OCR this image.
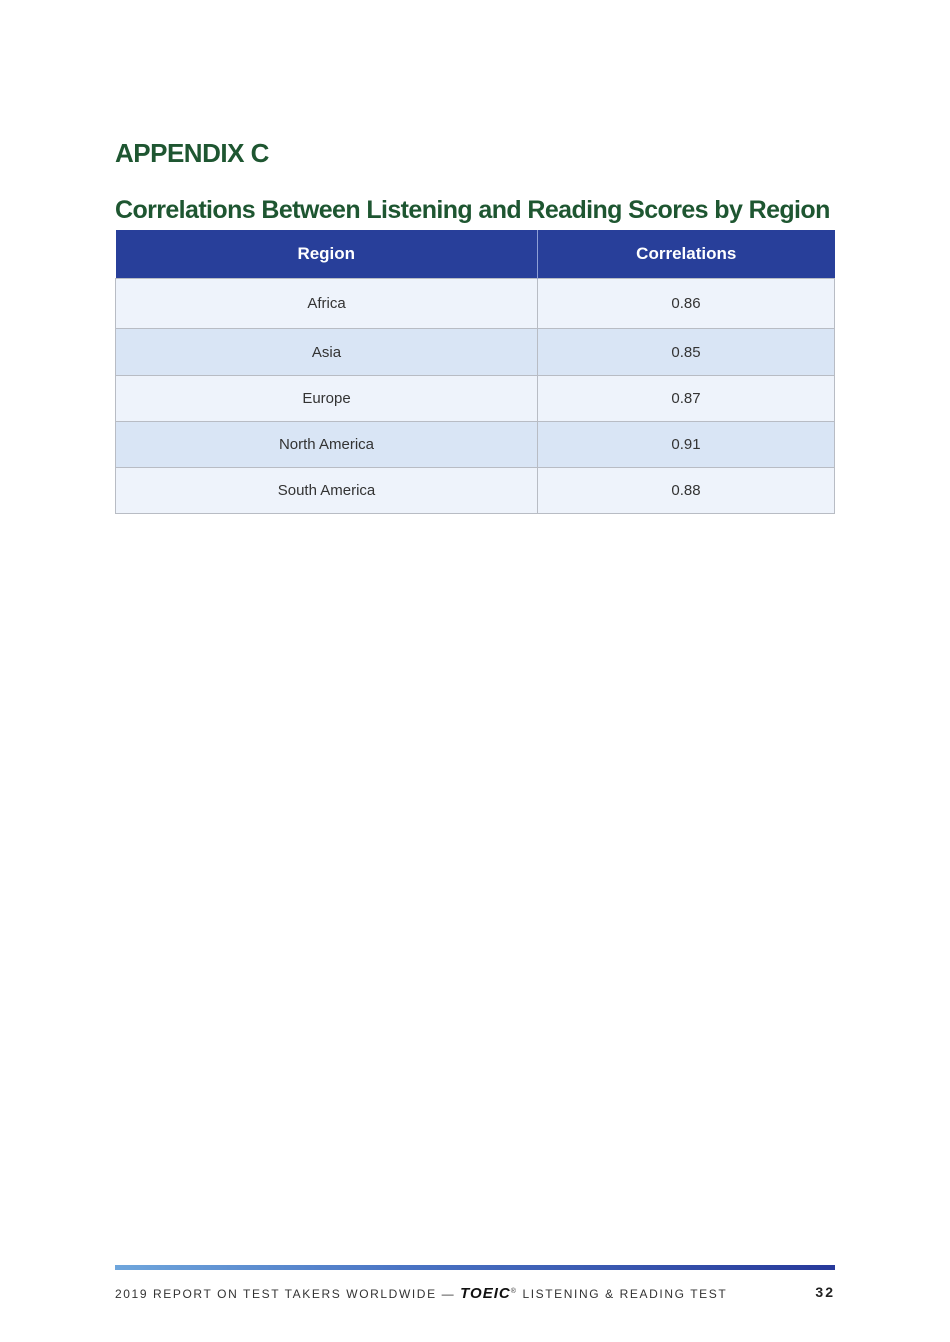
APPENDIX C
Correlations Between Listening and Reading Scores by Region
Region	Correlations
Africa	0.86
Asia	0.85
Europe	0.87
North America	0.91
South America	0.88
2019 REPORT ON TEST TAKERS WORLDWIDE — TOEIC® LISTENING & READING TEST	32
